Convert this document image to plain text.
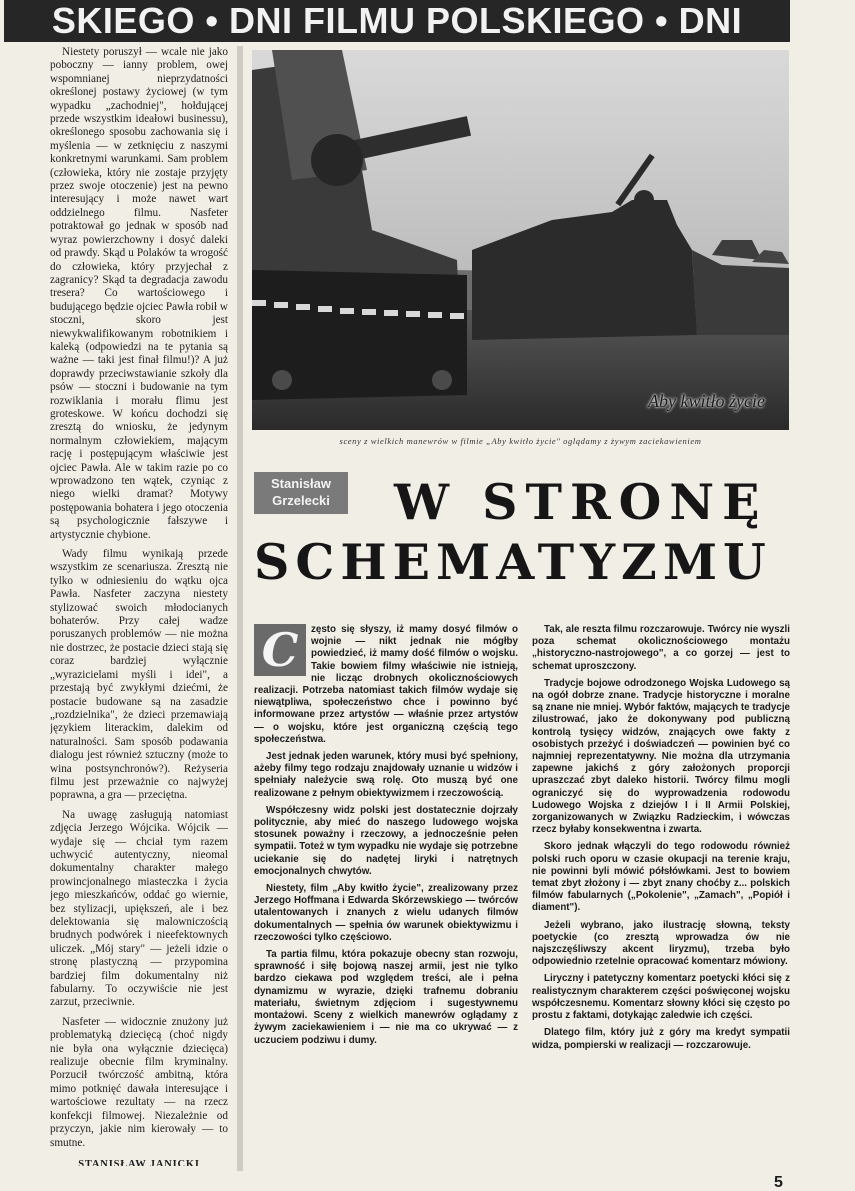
SKIEGO • DNI FILMU POLSKIEGO • DNI

Niestety poruszył — wcale nie jako poboczny — ianny problem, owej wspomnianej nieprzydatności określonej postawy życiowej (w tym wypadku „zachodniej", hołdującej przede wszystkim ideałowi businessu), określonego sposobu zachowania się i myślenia — w zetknięciu z naszymi konkretnymi warunkami. Sam problem (człowieka, który nie zostaje przyjęty przez swoje otoczenie) jest na pewno interesujący i może nawet wart oddzielnego filmu. Nasfeter potraktował go jednak w sposób nad wyraz powierzchowny i dosyć daleki od prawdy. Skąd u Polaków ta wrogość do człowieka, który przyjechał z zagranicy? Skąd ta degradacja zawodu tresera? Co wartościowego i budującego będzie ojciec Pawła robił w stoczni, skoro jest niewykwalifikowanym robotnikiem i kaleką (odpowiedzi na te pytania są ważne — taki jest finał filmu!)? A już doprawdy przeciwstawianie szkoły dla psów — stoczni i budowanie na tym rozwiklania i morału flimu jest groteskowe. W końcu dochodzi się zresztą do wniosku, że jedynym normalnym człowiekiem, mającym rację i postępującym właściwie jest ojciec Pawła. Ale w takim razie po co wprowadzono ten wątek, czyniąc z niego wielki dramat? Motywy postępowania bohatera i jego otoczenia są psychologicznie fałszywe i artystycznie chybione.

Wady filmu wynikają przede wszystkim ze scenariusza. Zresztą nie tylko w odniesieniu do wątku ojca Pawła. Nasfeter zaczyna niestety stylizować swoich młodocianych bohaterów. Przy całej wadze poruszanych problemów — nie można nie dostrzec, że postacie dzieci stają się coraz bardziej wyłącznie „wyrazicielami myśli i idei", a przestają być zwykłymi dziećmi, że postacie budowane są na zasadzie „rozdzielnika", że dzieci przemawiają językiem literackim, dalekim od naturalności. Sam sposób podawania dialogu jest również sztuczny (może to wina postsynchronów?). Reżyseria filmu jest przeważnie co najwyżej poprawna, a gra — przeciętna.

Na uwagę zasługują natomiast zdjęcia Jerzego Wójcika. Wójcik — wydaje się — chciał tym razem uchwycić autentyczny, nieomal dokumentalny charakter małego prowincjonalnego miasteczka i życia jego mieszkańców, oddać go wiernie, bez stylizacji, upiększeń, ale i bez delektowania się malowniczością brudnych podwórek i nieefektownych uliczek. „Mój stary" — jeżeli idzie o stronę plastyczną — przypomina bardziej film dokumentalny niż fabularny. To oczywiście nie jest zarzut, przeciwnie.

Nasfeter — widocznie znużony już problematyką dziecięcą (choć nigdy nie była ona wyłącznie dziecięca) realizuje obecnie film kryminalny. Porzucił twórczość ambitną, która mimo potknięć dawała interesujące i wartościowe rezultaty — na rzecz konfekcji filmowej. Niezależnie od przyczyn, jakie nim kierowały — to smutne.

STANISŁAW JANICKI

Aby kwitło życie
sceny z wielkich manewrów w filmie „Aby kwitło życie" oglądamy z żywym zaciekawieniem
Stanisław Grzelecki	W STRONĘ
SCHEMATYZMU

C	zęsto się słyszy, iż mamy dosyć filmów o wojnie — nikt jednak nie mógłby powiedzieć, iż mamy dość filmów o wojsku. Takie bowiem filmy właściwie nie istnieją, nie licząc drobnych okolicznościowych realizacji. Potrzeba natomiast takich filmów wydaje się niewątpliwa, społeczeństwo chce i powinno być informowane przez artystów — właśnie przez artystów — o wojsku, które jest organiczną częścią tego społeczeństwa.

Jest jednak jeden warunek, który musi być spełniony, ażeby filmy tego rodzaju znajdowały uznanie u widzów i spełniały należycie swą rolę. Oto muszą być one realizowane z pełnym obiektywizmem i rzeczowością.

Współczesny widz polski jest dostatecznie dojrzały politycznie, aby mieć do naszego ludowego wojska stosunek poważny i rzeczowy, a jednocześnie pełen sympatii. Toteż w tym wypadku nie wydaje się potrzebne uciekanie się do nadętej liryki i natrętnych emocjonalnych chwytów.

Niestety, film „Aby kwitło życie", zrealizowany przez Jerzego Hoffmana i Edwarda Skórzewskiego — twórców utalentowanych i znanych z wielu udanych filmów dokumentalnych — spełnia ów warunek obiektywizmu i rzeczowości tylko częściowo.

Ta partia filmu, która pokazuje obecny stan rozwoju, sprawność i siłę bojową naszej armii, jest nie tylko bardzo ciekawa pod względem treści, ale i pełna dynamizmu w wyrazie, dzięki trafnemu dobraniu materiału, świetnym zdjęciom i sugestywnemu montażowi. Sceny z wielkich manewrów oglądamy z żywym zaciekawieniem i — nie ma co ukrywać — z uczuciem podziwu i dumy.

Tak, ale reszta filmu rozczarowuje. Twórcy nie wyszli poza schemat okolicznościowego montażu „historyczno-nastrojowego", a co gorzej — jest to schemat uproszczony.

Tradycje bojowe odrodzonego Wojska Ludowego są na ogół dobrze znane. Tradycje historyczne i moralne są znane nie mniej. Wybór faktów, mających te tradycje zilustrować, jako że dokonywany pod publiczną kontrolą tysięcy widzów, znających owe fakty z osobistych przeżyć i doświadczeń — powinien być co najmniej reprezentatywny. Nie można dla utrzymania zapewne jakichś z góry założonych proporcji upraszczać zbyt daleko historii. Twórcy filmu mogli ograniczyć się do wyprowadzenia rodowodu Ludowego Wojska z dziejów I i II Armii Polskiej, zorganizowanych w Związku Radzieckim, i wówczas rzecz byłaby konsekwentna i zwarta.

Skoro jednak włączyli do tego rodowodu również polski ruch oporu w czasie okupacji na terenie kraju, nie powinni byli mówić półsłówkami. Jest to bowiem temat zbyt złożony i — zbyt znany choćby z... polskich filmów fabularnych („Pokolenie", „Zamach", „Popiół i diament").

Jeżeli wybrano, jako ilustrację słowną, teksty poetyckie (co zresztą wprowadza ów nie najszczęśliwszy akcent liryzmu), trzeba było odpowiednio rzetelnie opracować komentarz mówiony.

Liryczny i patetyczny komentarz poetycki kłóci się z realistycznym charakterem części poświęconej wojsku współczesnemu. Komentarz słowny kłóci się często po prostu z faktami, dotykając zaledwie ich części.

Dlatego film, który już z góry ma kredyt sympatii widza, pompierski w realizacji — rozczarowuje.

5
